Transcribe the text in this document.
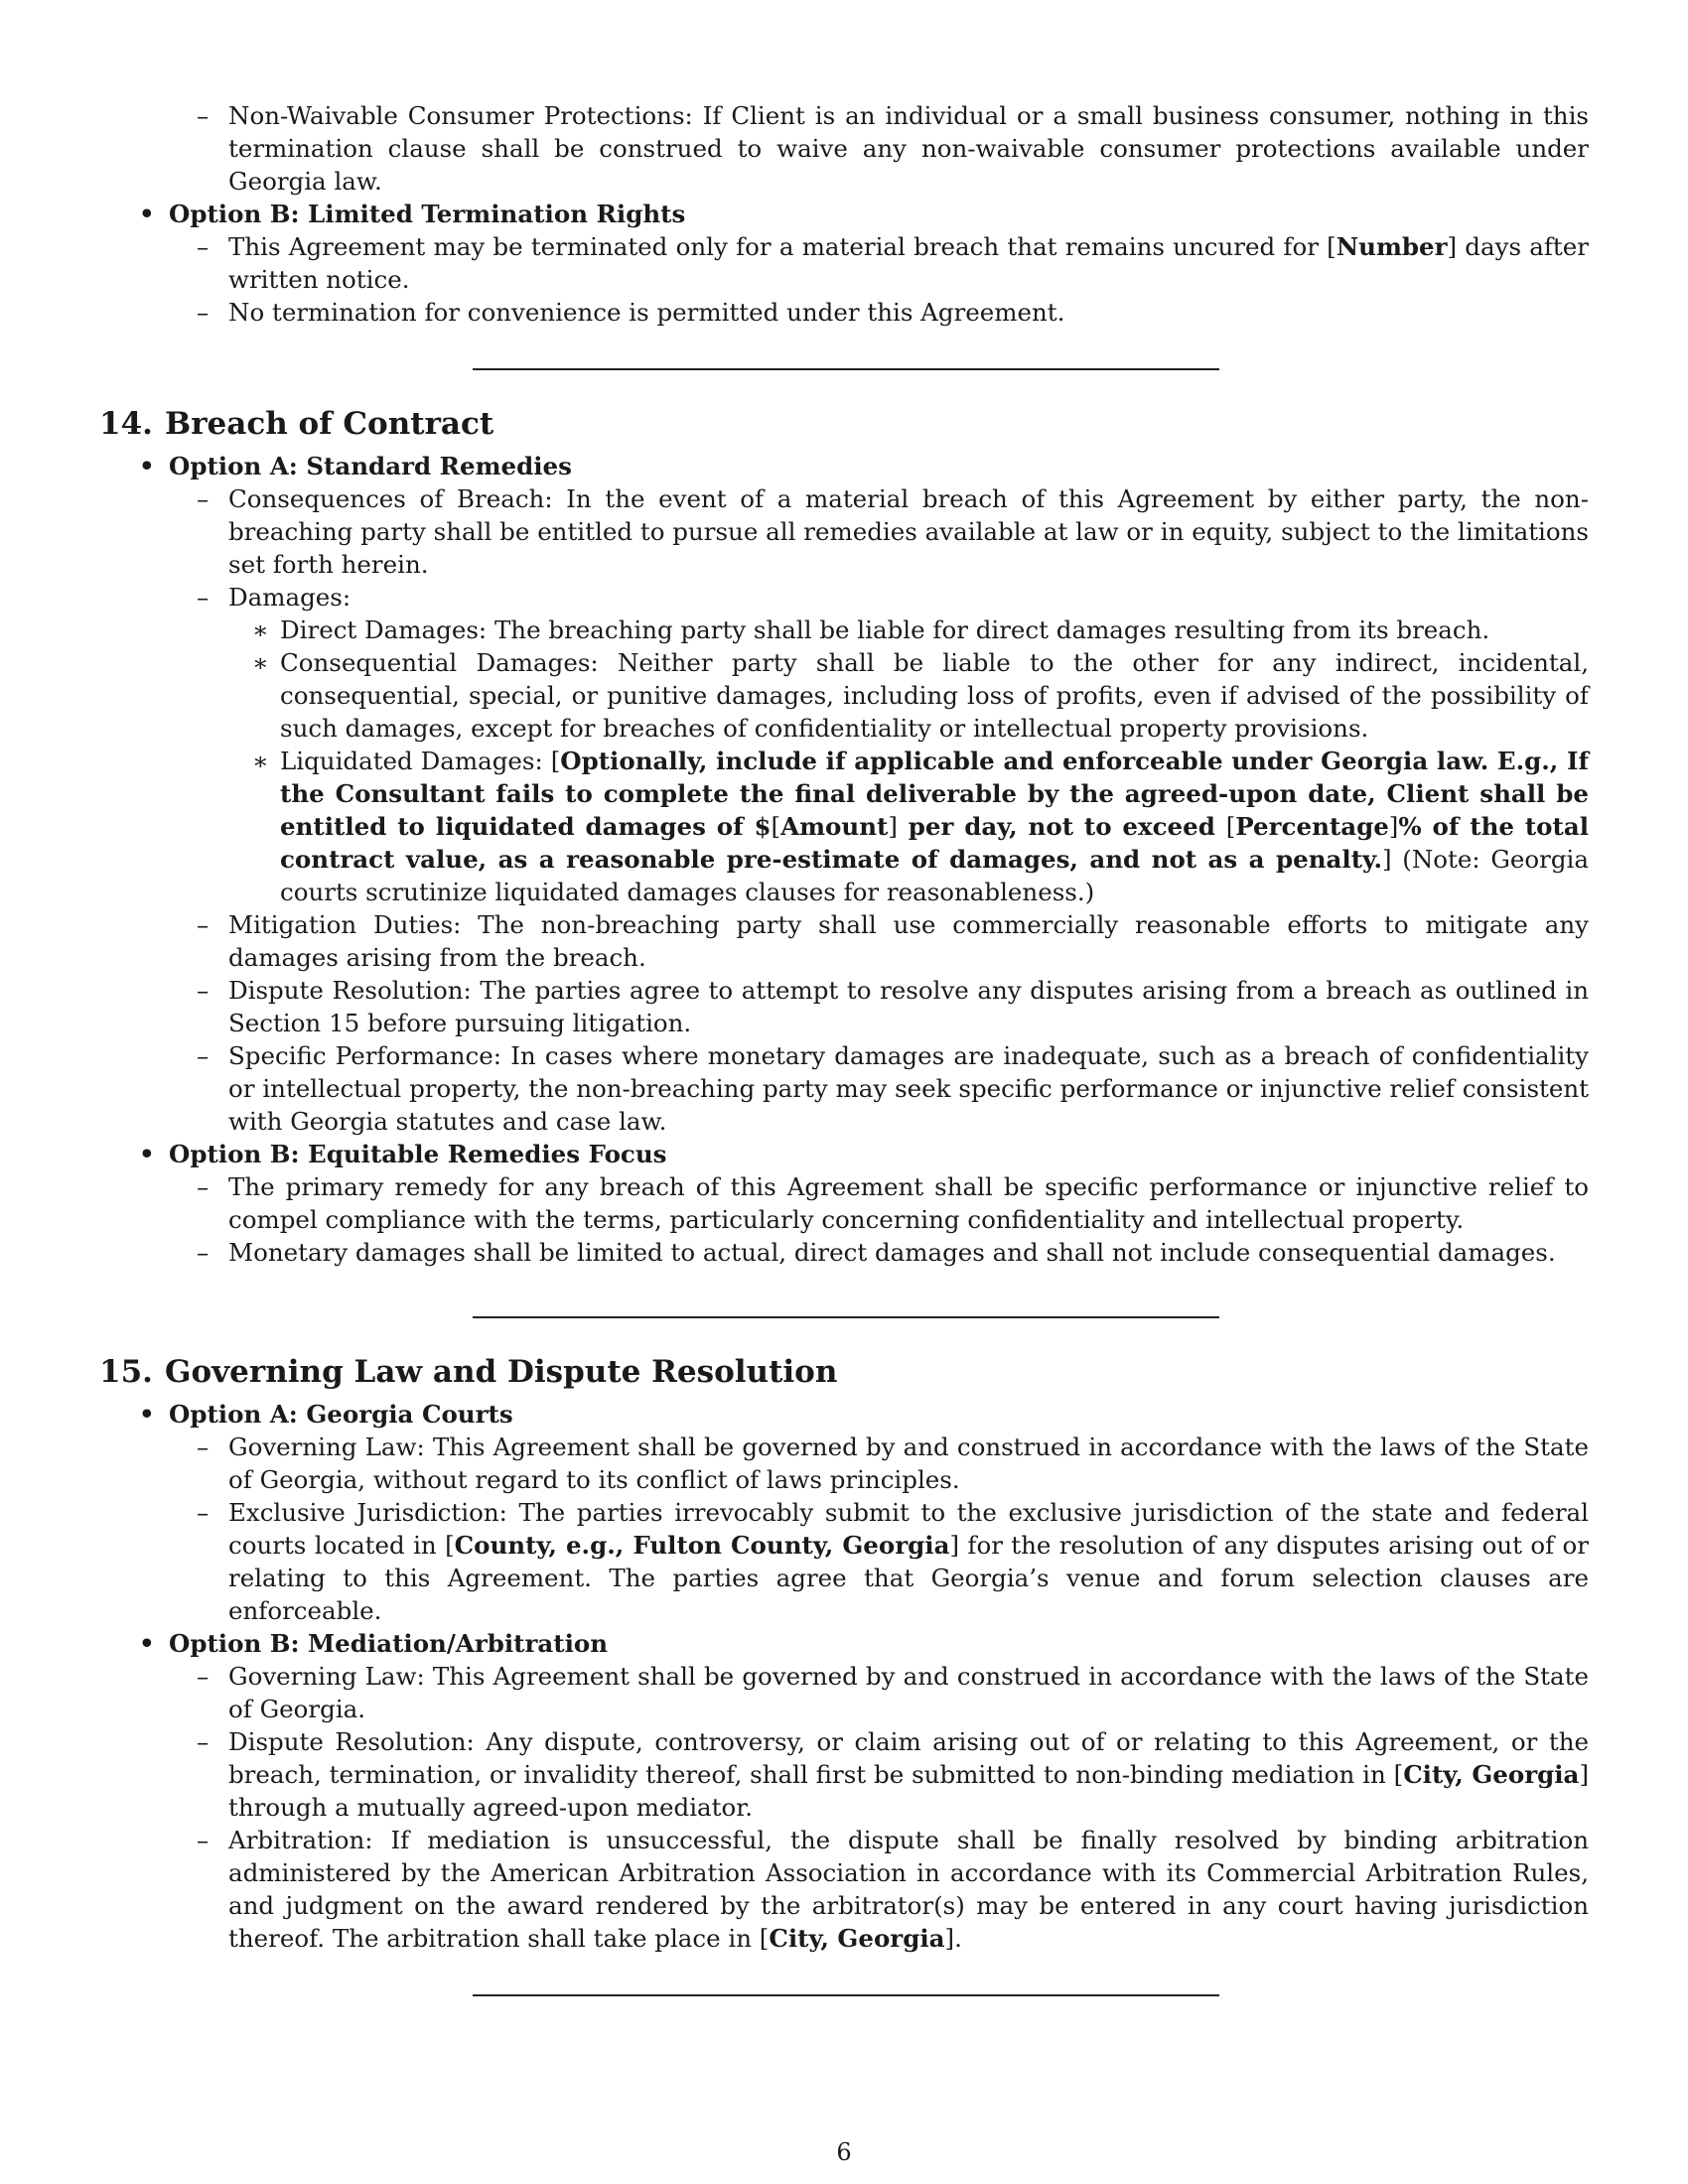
– Non-Waivable Consumer Protections: If Client is an individual or a small business consumer, nothing in this termination clause shall be construed to waive any non-waivable consumer protections available under Georgia law.
• Option B: Limited Termination Rights
– This Agreement may be terminated only for a material breach that remains uncured for [Number] days after written notice.
– No termination for convenience is permitted under this Agreement.
14. Breach of Contract
• Option A: Standard Remedies
– Consequences of Breach: In the event of a material breach of this Agreement by either party, the non-breaching party shall be entitled to pursue all remedies available at law or in equity, subject to the limitations set forth herein.
– Damages:
∗ Direct Damages: The breaching party shall be liable for direct damages resulting from its breach.
∗ Consequential Damages: Neither party shall be liable to the other for any indirect, incidental, consequential, special, or punitive damages, including loss of profits, even if advised of the possibility of such damages, except for breaches of confidentiality or intellectual property provisions.
∗ Liquidated Damages: [Optionally, include if applicable and enforceable under Georgia law. E.g., If the Consultant fails to complete the final deliverable by the agreed-upon date, Client shall be entitled to liquidated damages of $[Amount] per day, not to exceed [Percentage]% of the total contract value, as a reasonable pre-estimate of damages, and not as a penalty.] (Note: Georgia courts scrutinize liquidated damages clauses for reasonableness.)
– Mitigation Duties: The non-breaching party shall use commercially reasonable efforts to mitigate any damages arising from the breach.
– Dispute Resolution: The parties agree to attempt to resolve any disputes arising from a breach as outlined in Section 15 before pursuing litigation.
– Specific Performance: In cases where monetary damages are inadequate, such as a breach of confidentiality or intellectual property, the non-breaching party may seek specific performance or injunctive relief consistent with Georgia statutes and case law.
• Option B: Equitable Remedies Focus
– The primary remedy for any breach of this Agreement shall be specific performance or injunctive relief to compel compliance with the terms, particularly concerning confidentiality and intellectual property.
– Monetary damages shall be limited to actual, direct damages and shall not include consequential damages.
15. Governing Law and Dispute Resolution
• Option A: Georgia Courts
– Governing Law: This Agreement shall be governed by and construed in accordance with the laws of the State of Georgia, without regard to its conflict of laws principles.
– Exclusive Jurisdiction: The parties irrevocably submit to the exclusive jurisdiction of the state and federal courts located in [County, e.g., Fulton County, Georgia] for the resolution of any disputes arising out of or relating to this Agreement. The parties agree that Georgia’s venue and forum selection clauses are enforceable.
• Option B: Mediation/Arbitration
– Governing Law: This Agreement shall be governed by and construed in accordance with the laws of the State of Georgia.
– Dispute Resolution: Any dispute, controversy, or claim arising out of or relating to this Agreement, or the breach, termination, or invalidity thereof, shall first be submitted to non-binding mediation in [City, Georgia] through a mutually agreed-upon mediator.
– Arbitration: If mediation is unsuccessful, the dispute shall be finally resolved by binding arbitration administered by the American Arbitration Association in accordance with its Commercial Arbitration Rules, and judgment on the award rendered by the arbitrator(s) may be entered in any court having jurisdiction thereof. The arbitration shall take place in [City, Georgia].
6
